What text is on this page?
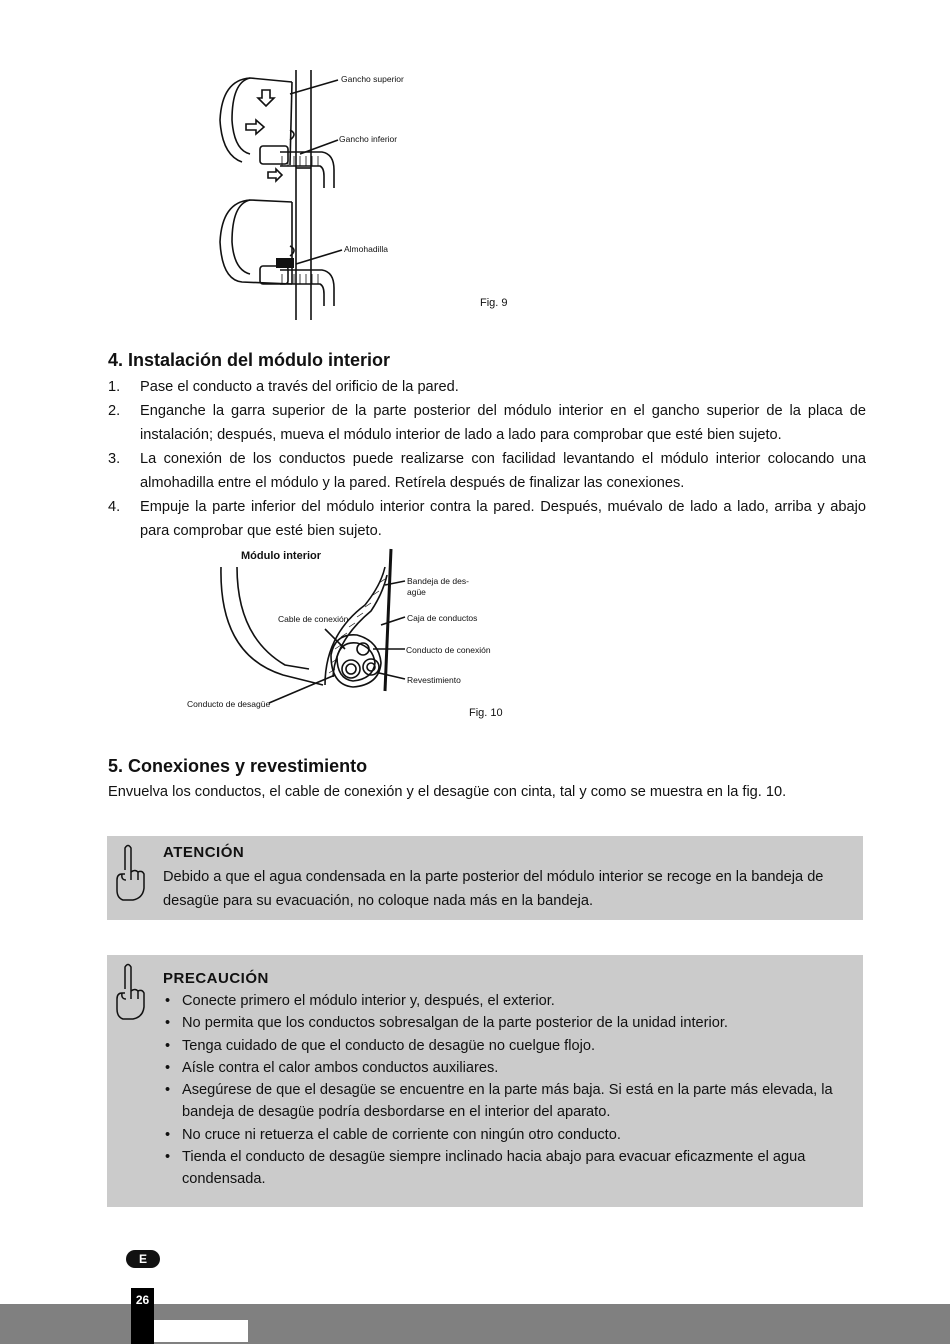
Gancho superior
Gancho inferior
Almohadilla
Fig. 9
4. Instalación del módulo interior
1.	Pase el conducto a través del orificio de la pared.
2.	Enganche la garra superior de la parte posterior del módulo interior en el gancho superior de la placa de instalación; después, mueva el módulo interior de lado a lado para comprobar que esté bien sujeto.
3.	La conexión de los conductos puede realizarse con facilidad levantando el módulo interior colocando una almohadilla entre el módulo y la pared. Retírela después de finalizar las conexiones.
4.	Empuje la parte inferior del módulo interior contra la pared. Después, muévalo de lado a lado, arriba y abajo para comprobar que esté bien sujeto.
Módulo interior
Bandeja de des-
agüe
Cable de conexión	Caja de conductos
Conducto de conexión
Revestimiento
Conducto de desagüe
Fig. 10
5. Conexiones y revestimiento

Envuelva los conductos, el cable de conexión y el desagüe con cinta, tal y como se muestra en la fig. 10.

ATENCIÓN

Debido a que el agua condensada en la parte posterior del módulo interior se recoge en la bandeja de desagüe para su evacuación, no coloque nada más en la bandeja.

PRECAUCIÓN
• Conecte primero el módulo interior y, después, el exterior.
• No permita que los conductos sobresalgan de la parte posterior de la unidad interior.
• Tenga cuidado de que el conducto de desagüe no cuelgue flojo.
• Aísle contra el calor ambos conductos auxiliares.
• Asegúrese de que el desagüe se encuentre en la parte más baja. Si está en la parte más elevada, la bandeja de desagüe podría desbordarse en el interior del aparato.
• No cruce ni retuerza el cable de corriente con ningún otro conducto.
• Tienda el conducto de desagüe siempre inclinado hacia abajo para evacuar eficazmente el agua condensada.
E
26
